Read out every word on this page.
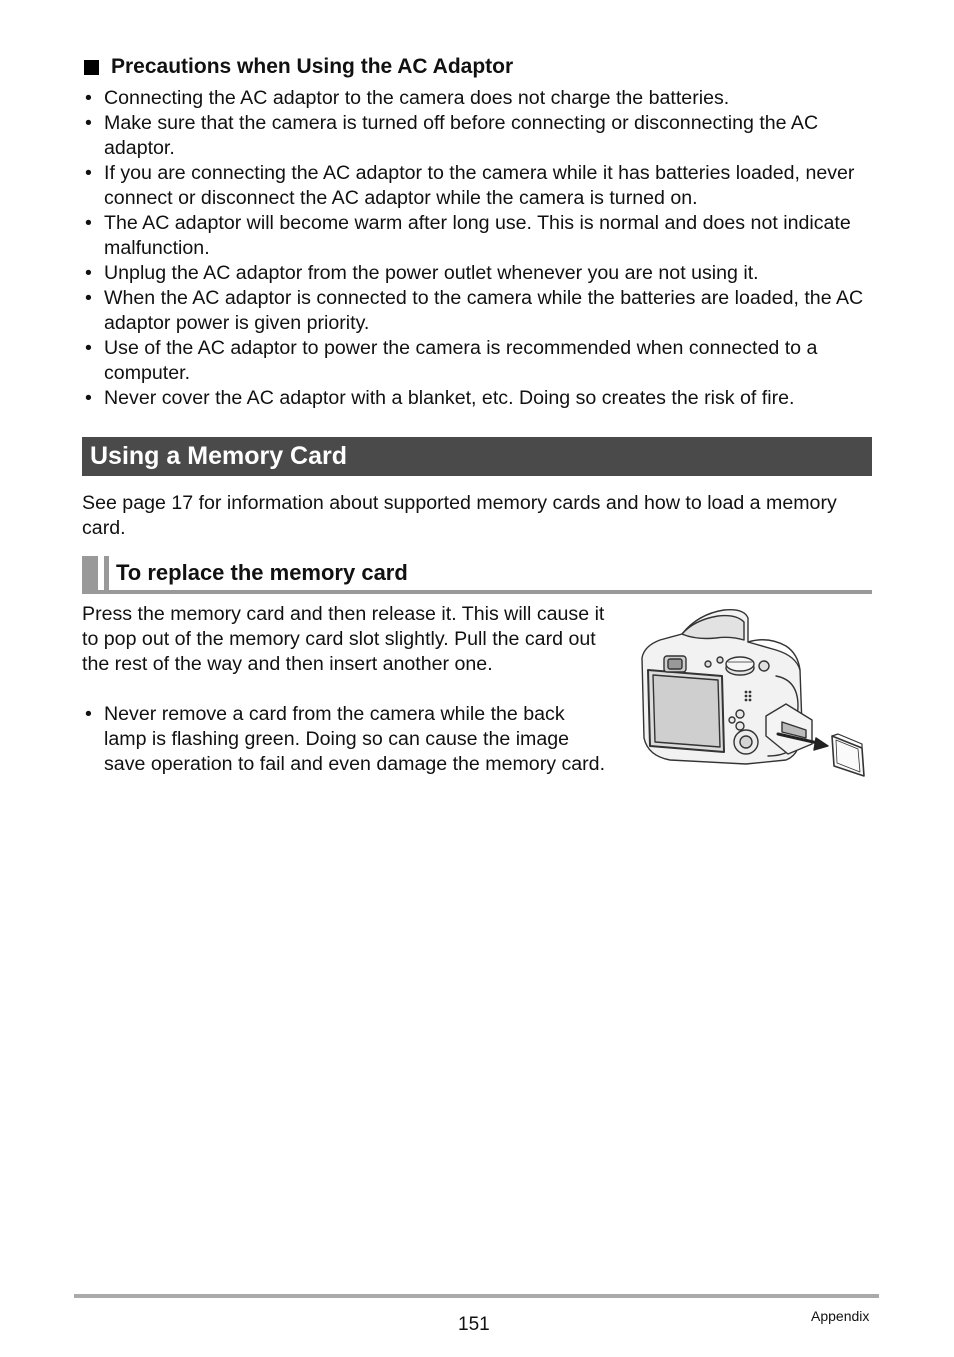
Precautions when Using the AC Adaptor
• Connecting the AC adaptor to the camera does not charge the batteries.
• Make sure that the camera is turned off before connecting or disconnecting the AC adaptor.
• If you are connecting the AC adaptor to the camera while it has batteries loaded, never connect or disconnect the AC adaptor while the camera is turned on.
• The AC adaptor will become warm after long use. This is normal and does not indicate malfunction.
• Unplug the AC adaptor from the power outlet whenever you are not using it.
• When the AC adaptor is connected to the camera while the batteries are loaded, the AC adaptor power is given priority.
• Use of the AC adaptor to power the camera is recommended when connected to a computer.
• Never cover the AC adaptor with a blanket, etc. Doing so creates the risk of fire.
Using a Memory Card

See page 17 for information about supported memory cards and how to load a memory card.

To replace the memory card

Press the memory card and then release it. This will cause it to pop out of the memory card slot slightly. Pull the card out the rest of the way and then insert another one.

• Never remove a card from the camera while the back lamp is flashing green. Doing so can cause the image save operation to fail and even damage the memory card.
151	Appendix
